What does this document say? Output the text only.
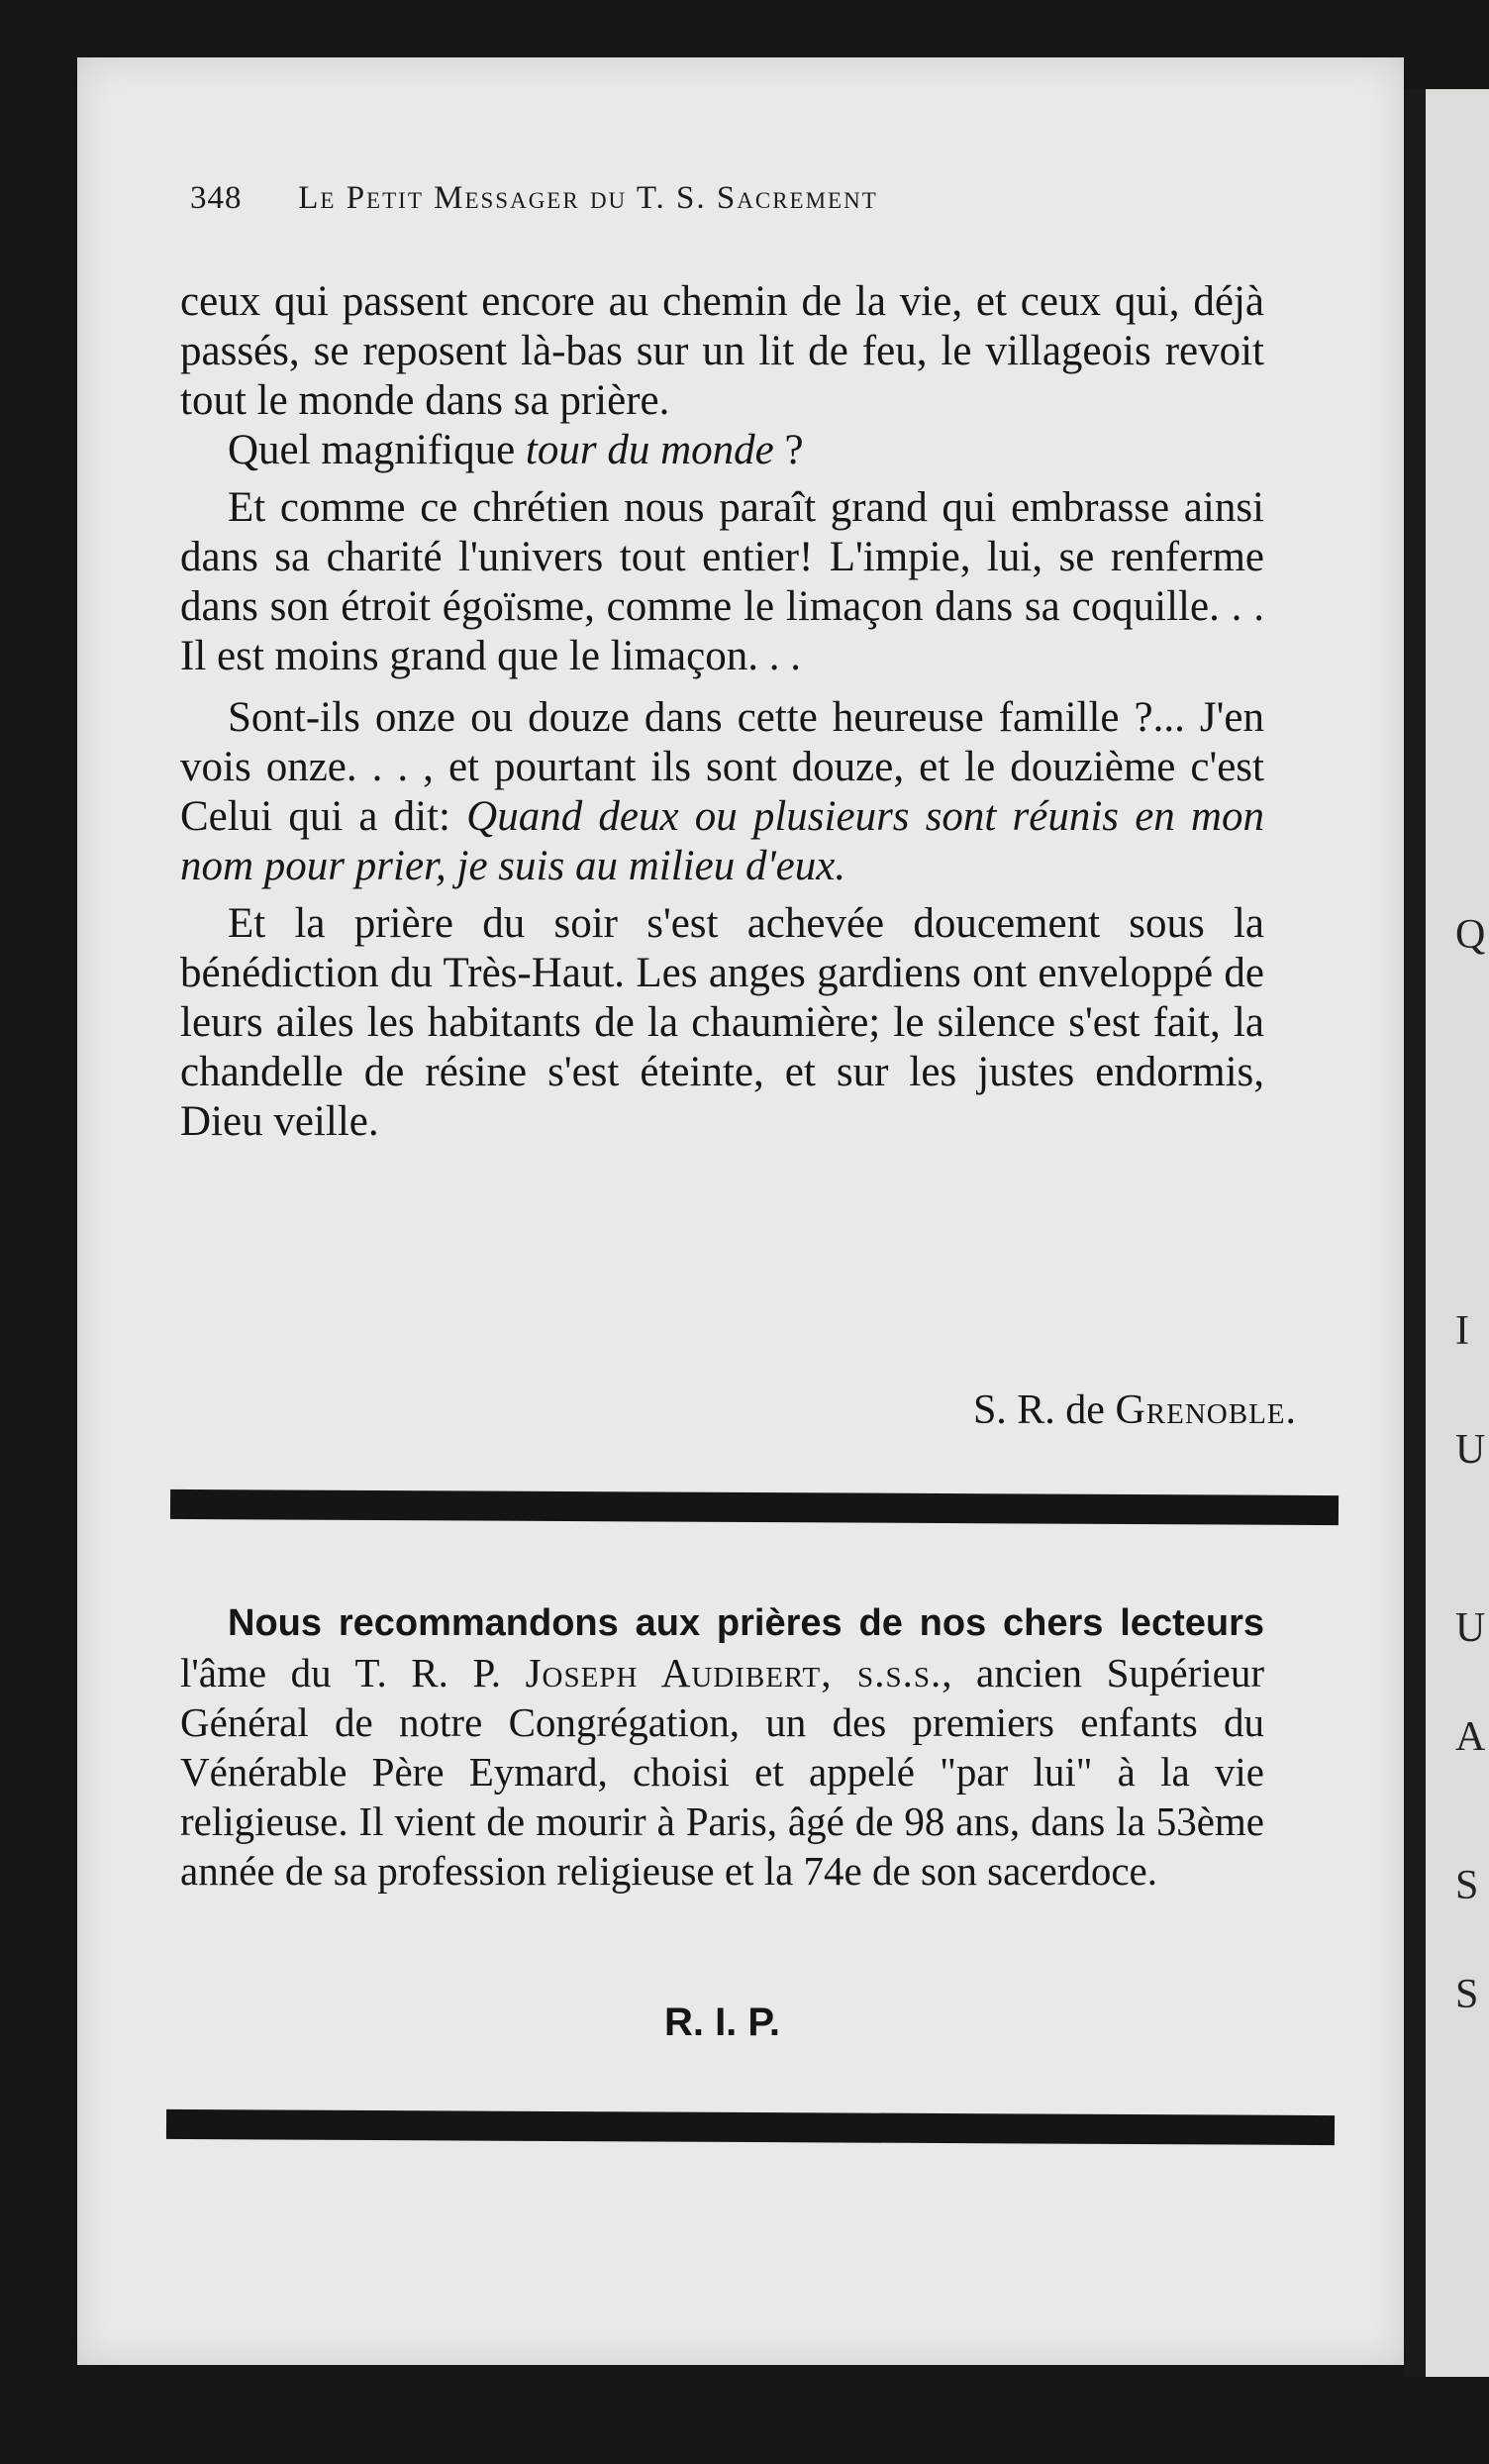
Q
I
U
U
A
S
S
348 Le Petit Messager du T. S. Sacrement

ceux qui passent encore au chemin de la vie, et ceux qui, déjà passés, se reposent là-bas sur un lit de feu, le villageois revoit tout le monde dans sa prière.

Quel magnifique tour du monde ?

Et comme ce chrétien nous paraît grand qui embrasse ainsi dans sa charité l'univers tout entier! L'impie, lui, se renferme dans son étroit égoïsme, comme le limaçon dans sa coquille. . . Il est moins grand que le limaçon. . .

Sont-ils onze ou douze dans cette heureuse famille ?... J'en vois onze. . . , et pourtant ils sont douze, et le douzième c'est Celui qui a dit: Quand deux ou plusieurs sont réunis en mon nom pour prier, je suis au milieu d'eux.

Et la prière du soir s'est achevée doucement sous la bénédiction du Très-Haut. Les anges gardiens ont enveloppé de leurs ailes les habitants de la chaumière; le silence s'est fait, la chandelle de résine s'est éteinte, et sur les justes endormis, Dieu veille.

S. R. de Grenoble.

Nous recommandons aux prières de nos chers lecteurs l'âme du T. R. P. Joseph Audibert, s.s.s., ancien Supérieur Général de notre Congrégation, un des premiers enfants du Vénérable Père Eymard, choisi et appelé "par lui" à la vie religieuse. Il vient de mourir à Paris, âgé de 98 ans, dans la 53ème année de sa profession religieuse et la 74e de son sacerdoce.

R. I. P.
